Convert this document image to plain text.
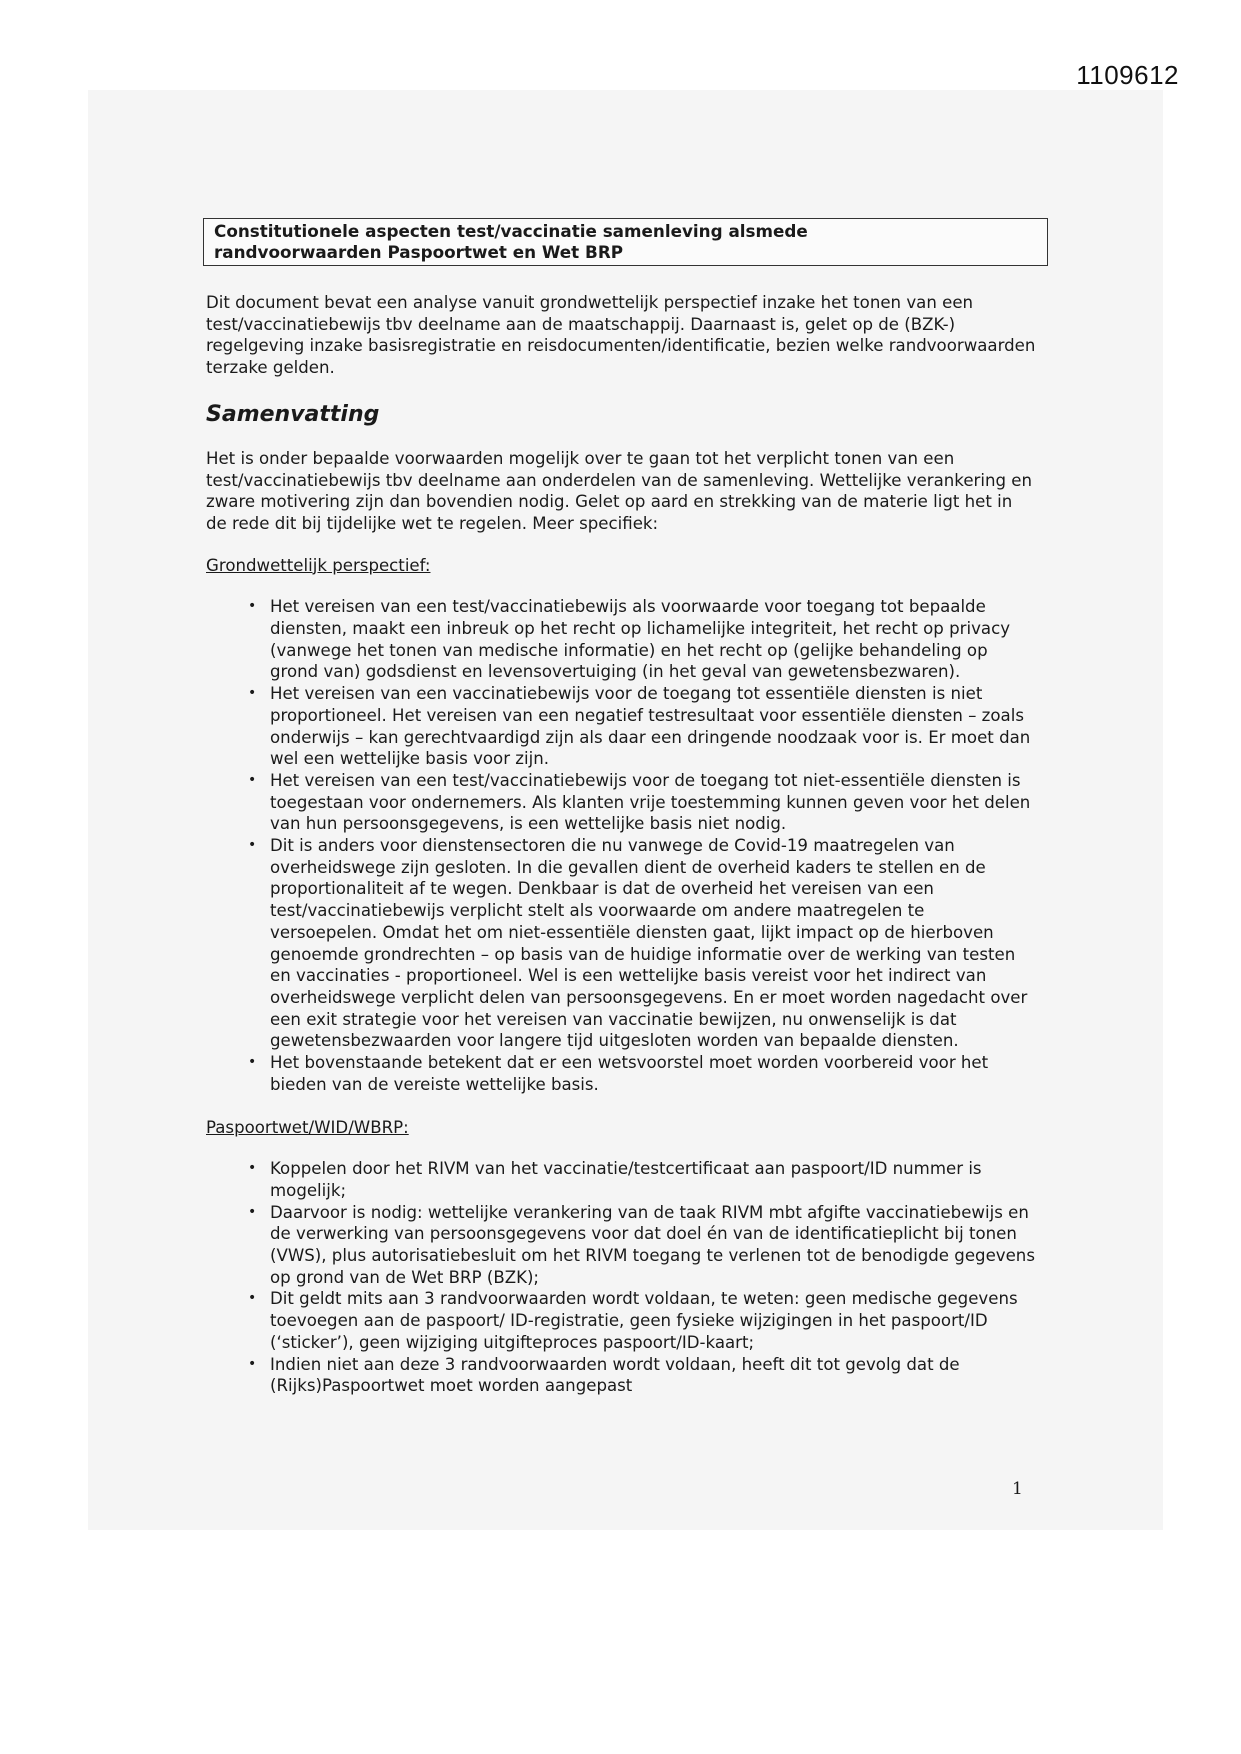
1109612
Constitutionele aspecten test/vaccinatie samenleving alsmede
randvoorwaarden Paspoortwet en Wet BRP

Dit document bevat een analyse vanuit grondwettelijk perspectief inzake het tonen van een test/vaccinatiebewijs tbv deelname aan de maatschappij. Daarnaast is, gelet op de (BZK-) regelgeving inzake basisregistratie en reisdocumenten/identificatie, bezien welke randvoorwaarden terzake gelden.

Samenvatting

Het is onder bepaalde voorwaarden mogelijk over te gaan tot het verplicht tonen van een test/vaccinatiebewijs tbv deelname aan onderdelen van de samenleving. Wettelijke verankering en zware motivering zijn dan bovendien nodig. Gelet op aard en strekking van de materie ligt het in de rede dit bij tijdelijke wet te regelen. Meer specifiek:

Grondwettelijk perspectief:

• Het vereisen van een test/vaccinatiebewijs als voorwaarde voor toegang tot bepaalde diensten, maakt een inbreuk op het recht op lichamelijke integriteit, het recht op privacy (vanwege het tonen van medische informatie) en het recht op (gelijke behandeling op grond van) godsdienst en levensovertuiging (in het geval van gewetensbezwaren).
• Het vereisen van een vaccinatiebewijs voor de toegang tot essentiële diensten is niet proportioneel. Het vereisen van een negatief testresultaat voor essentiële diensten – zoals onderwijs – kan gerechtvaardigd zijn als daar een dringende noodzaak voor is. Er moet dan wel een wettelijke basis voor zijn.
• Het vereisen van een test/vaccinatiebewijs voor de toegang tot niet-essentiële diensten is toegestaan voor ondernemers. Als klanten vrije toestemming kunnen geven voor het delen van hun persoonsgegevens, is een wettelijke basis niet nodig.
• Dit is anders voor dienstensectoren die nu vanwege de Covid-19 maatregelen van overheidswege zijn gesloten. In die gevallen dient de overheid kaders te stellen en de proportionaliteit af te wegen. Denkbaar is dat de overheid het vereisen van een test/vaccinatiebewijs verplicht stelt als voorwaarde om andere maatregelen te versoepelen. Omdat het om niet-essentiële diensten gaat, lijkt impact op de hierboven genoemde grondrechten – op basis van de huidige informatie over de werking van testen en vaccinaties - proportioneel. Wel is een wettelijke basis vereist voor het indirect van overheidswege verplicht delen van persoonsgegevens. En er moet worden nagedacht over een exit strategie voor het vereisen van vaccinatie bewijzen, nu onwenselijk is dat gewetensbezwaarden voor langere tijd uitgesloten worden van bepaalde diensten.
• Het bovenstaande betekent dat er een wetsvoorstel moet worden voorbereid voor het bieden van de vereiste wettelijke basis.

Paspoortwet/WID/WBRP:

• Koppelen door het RIVM van het vaccinatie/testcertificaat aan paspoort/ID nummer is mogelijk;
• Daarvoor is nodig: wettelijke verankering van de taak RIVM mbt afgifte vaccinatiebewijs en de verwerking van persoonsgegevens voor dat doel én van de identificatieplicht bij tonen (VWS), plus autorisatiebesluit om het RIVM toegang te verlenen tot de benodigde gegevens op grond van de Wet BRP (BZK);
• Dit geldt mits aan 3 randvoorwaarden wordt voldaan, te weten: geen medische gegevens toevoegen aan de paspoort/ ID-registratie, geen fysieke wijzigingen in het paspoort/ID (‘sticker’), geen wijziging uitgifteproces paspoort/ID-kaart;
• Indien niet aan deze 3 randvoorwaarden wordt voldaan, heeft dit tot gevolg dat de (Rijks)Paspoortwet moet worden aangepast
1
